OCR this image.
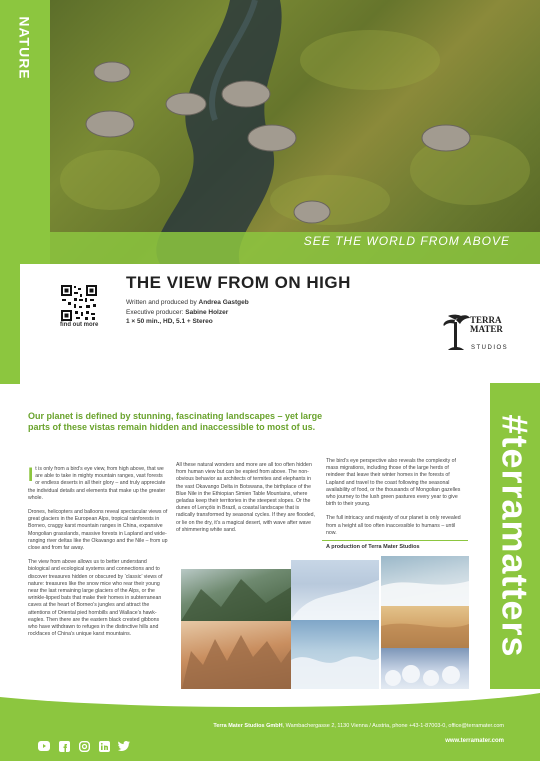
NATURE
SEE THE WORLD FROM ABOVE
find out more
THE VIEW FROM ON HIGH
Written and produced by Andrea Gastgeb
Executive producer: Sabine Holzer
1 × 50 min., HD, 5.1 + Stereo	TERRA
MATER
STUDIOS
#terramatters
Our planet is defined by stunning, fascinating landscapes – yet large parts of these vistas remain hidden and inaccessible to most of us.

It is only from a bird’s eye view, from high above, that we are able to take in mighty mountain ranges, vast forests or endless deserts in all their glory – and truly appreciate the individual details and elements that make up the greater whole.

Drones, helicopters and balloons reveal spectacular views of great glaciers in the European Alps, tropical rainforests in Borneo, craggy karst mountain ranges in China, expansive Mongolian grasslands, massive forests in Lapland and wide-ranging river deltas like the Okavango and the Nile – from up close and from far away.

The view from above allows us to better understand biological and ecological systems and connections and to discover treasures hidden or obscured by ‘classic’ views of nature: treasures like the snow mice who rear their young near the last remaining large glaciers of the Alps, or the wrinkle-lipped bats that make their homes in subterranean caves at the heart of Borneo’s jungles and attract the attentions of Oriental pied hornbills and Wallace’s hawk-eagles. Then there are the eastern black crested gibbons who have withdrawn to refuges in the distinctive hills and rockfaces of China’s unique karst mountains.

All these natural wonders and more are all too often hidden from human view but can be espied from above. The non-obvious behavior as architects of termites and elephants in the vast Okavango Delta in Botswana, the birthplace of the Blue Nile in the Ethiopian Simien Table Mountains, where geladas keep their territories in the steepest slopes. Or the dunes of Lençóis in Brazil, a coastal landscape that is radically transformed by seasonal cycles. If they are flooded, or lie on the dry, it’s a magical desert, with wave after wave of shimmering white sand.

The bird’s eye perspective also reveals the complexity of mass migrations, including those of the large herds of reindeer that leave their winter homes in the forests of Lapland and travel to the coast following the seasonal availability of food, or the thousands of Mongolian gazelles who journey to the lush green pastures every year to give birth to their young.

The full intricacy and majesty of our planet is only revealed from a height all too often inaccessible to humans – until now.

A production of Terra Mater Studios
Terra Mater Studios GmbH, Wambachergasse 2, 1130 Vienna / Austria, phone +43-1-87003-0, office@terramater.com
www.terramater.com
